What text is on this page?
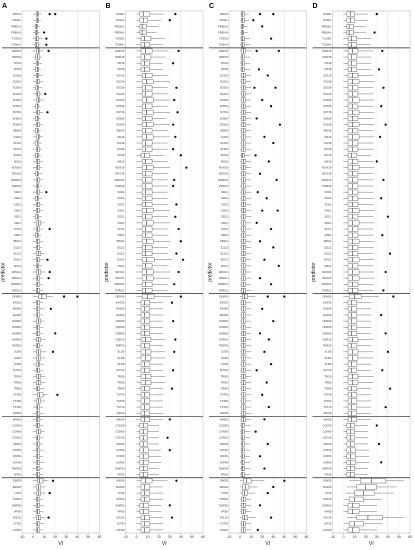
A
DINSU
DAVAL
PREISU
PREIAU
TCNSU
TCMAU
DWP16
DWP18
VPI16
VPI18
SO116
SO216
SO316
SO416
SO516
SO616
SO716
SO816
SO916
SB416
S1116
S1216
S1316
EVI16
MS16
NDVI16
NDVI18
NDWI16
PSRI16
SI021
SI221
SI321
SI421
SI521
SI621
SI721
SI821
SB421
S1121
S1221
EVI21
MS21
NDVI21
NDVI21
NDWI21
PSRI21
DEM30
EAS30
EAS60
EAS90
NOR30
NOR60
NOR90
NOR10
PDR30
SLI30
SLI60
SLI90
SLO10
TRI30
TRI60
TRI90
TST30
TST60
TST10
VAD30
WIN30
CON30
CON60
CON10
SWI30
VOF30
VOF60
VOF90
DWP30
VPI30
GWI30
BAS30
LTI30
STR30
DWP90
VPI90
SOL30
LAT30
LON30
-10 0 10 20 30 40 50 60
VI
predictor
B
DINSU
DAVAL
PREISU
PREIAU
TCNSU
TCMAU
DWP16
DWP18
VPI16
VPI18
SO116
SO216
SO316
SO416
SO516
SO616
SO716
SO816
SO916
SB416
S1116
S1216
S1316
EVI16
MS16
NDVI16
NDVI18
NDWI16
PSRI16
SI021
SI221
SI321
SI421
SI521
SI621
SI721
SI821
SB421
S1121
S1221
EVI21
MS21
NDVI21
NDVI21
NDWI21
PSRI21
DEM30
EAS30
EAS60
EAS90
NOR30
NOR60
NOR90
NOR10
PDR30
SLI30
SLI60
SLI90
SLO10
TRI30
TRI60
TRI90
TST30
TST60
TST10
VAD30
WIN30
CON30
CON60
CON10
SWI30
VOF30
VOF60
VOF90
DWP30
VPI30
GWI30
BAS30
LTI30
STR30
DWP90
VPI90
SOL30
LAT30
LON30
-10 0 10 20 30 40 50 60
VI
predictor
C
DINSU
DAVAL
PREISU
PREIAU
TCNSU
TCMAU
DWP16
DWP18
VPI16
VPI18
SO116
SO216
SO316
SO416
SO516
SO616
SO716
SO816
SO916
SB416
S1116
S1216
S1316
EVI16
MS16
NDVI16
NDVI18
NDWI16
PSRI16
SI021
SI221
SI321
SI421
SI521
SI621
SI721
SI821
SB421
S1121
S1221
EVI21
MS21
NDVI21
NDVI21
NDWI21
PSRI21
DEM30
EAS30
EAS60
EAS90
NOR30
NOR60
NOR90
NOR10
PDR30
SLI30
SLI60
SLI90
SLO10
TRI30
TRI60
TRI90
TST30
TST60
TST10
VAD30
WIN30
CON30
CON60
CON10
SWI30
VOF30
VOF60
VOF90
DWP30
VPI30
GWI30
BAS30
LTI30
STR30
DWP90
VPI90
SOL30
LAT30
LON30
-10 0 10 20 30 40 50 60
VI
predictor
D
DINSU
DAVAL
PREISU
PREIAU
TCNSU
TCMAU
DWP16
DWP18
VPI16
VPI18
SO116
SO216
SO316
SO416
SO516
SO616
SO716
SO816
SO916
SB416
S1116
S1216
S1316
EVI16
MS16
NDVI16
NDVI18
NDWI16
PSRI16
SI021
SI221
SI321
SI421
SI521
SI621
SI721
SI821
SB421
S1121
S1221
EVI21
MS21
NDVI21
NDVI21
NDWI21
PSRI21
DEM30
EAS30
EAS60
EAS90
NOR30
NOR60
NOR90
NOR10
PDR30
SLI30
SLI60
SLI90
SLO10
TRI30
TRI60
TRI90
TST30
TST60
TST10
VAD30
WIN30
CON30
CON60
CON10
SWI30
VOF30
VOF60
VOF90
DWP30
VPI30
GWI30
BAS30
LTI30
STR30
DWP90
VPI90
SOL30
LAT30
LON30
-10 0 10 20 30 40 50 60
VI
predictor
